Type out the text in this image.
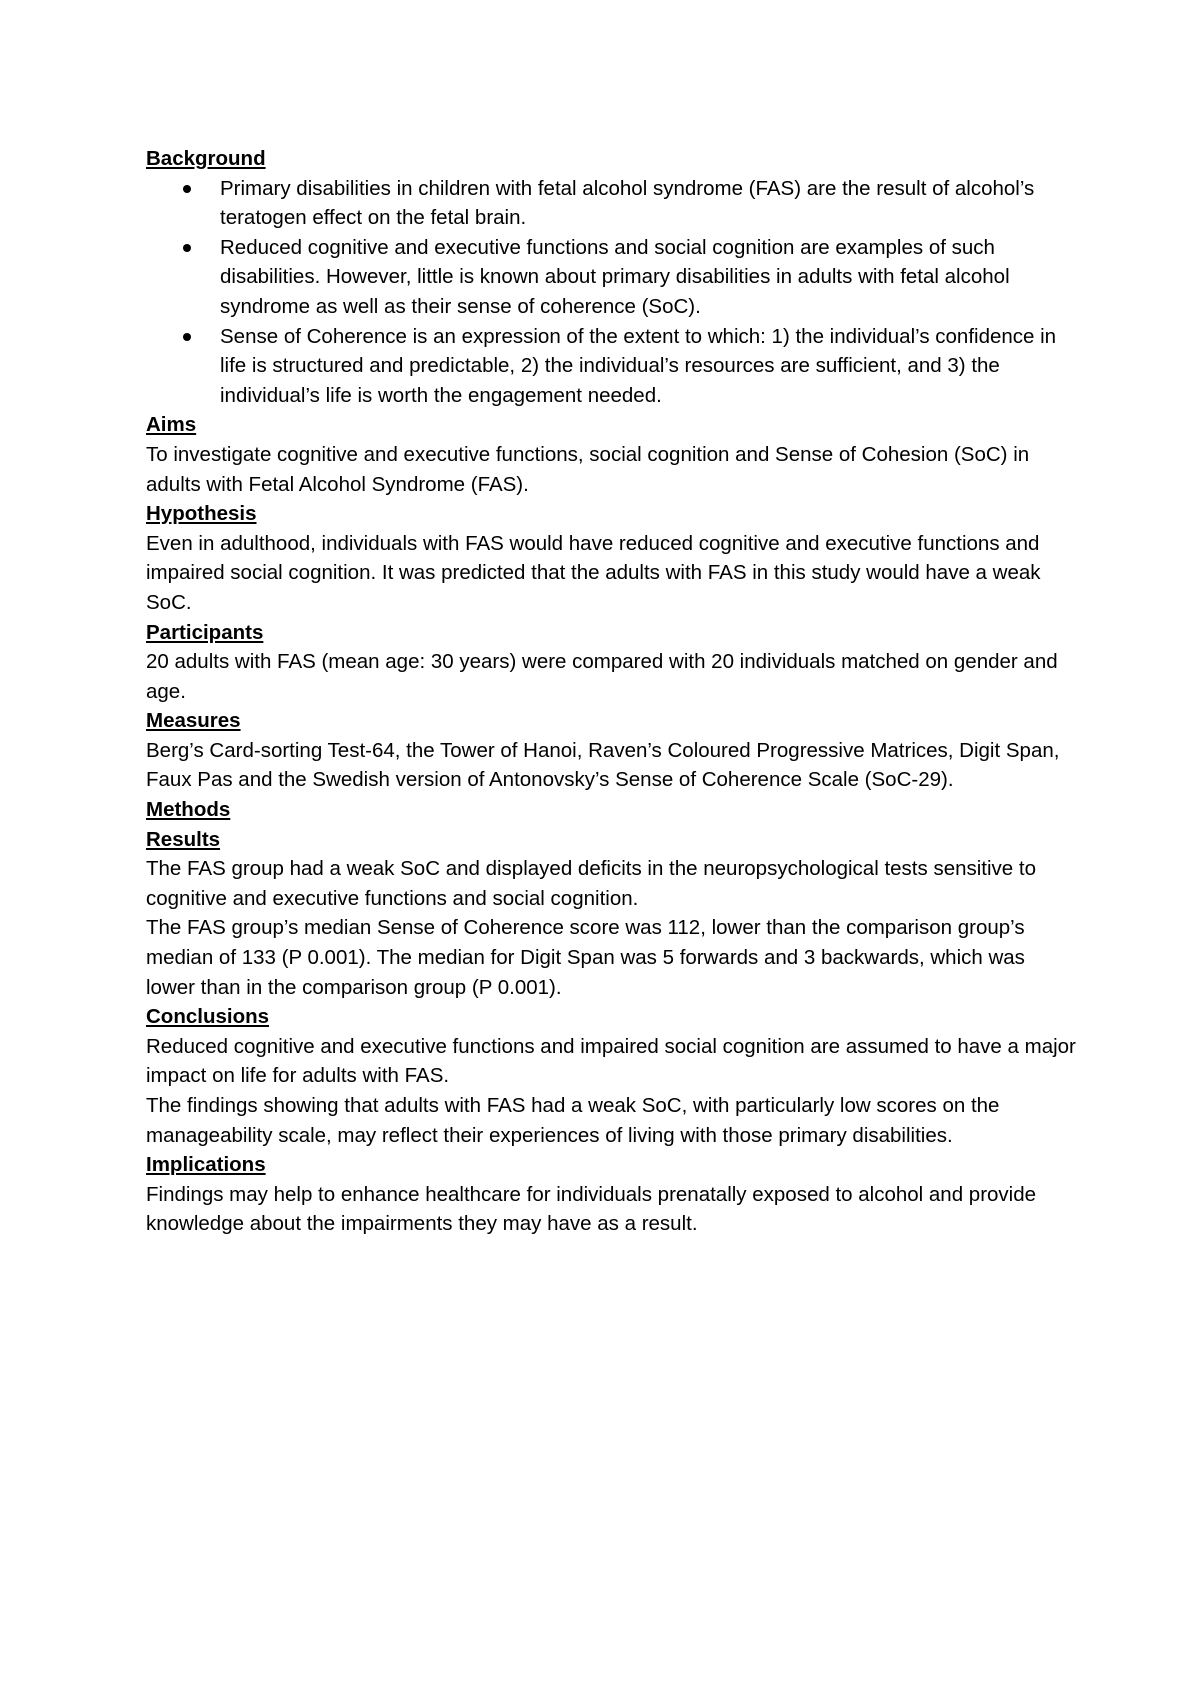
Background
Primary disabilities in children with fetal alcohol syndrome (FAS) are the result of alcohol’s teratogen effect on the fetal brain.
Reduced cognitive and executive functions and social cognition are examples of such disabilities. However, little is known about primary disabilities in adults with fetal alcohol syndrome as well as their sense of coherence (SoC).
Sense of Coherence is an expression of the extent to which: 1) the individual’s confidence in life is structured and predictable, 2) the individual’s resources are sufficient, and 3) the individual’s life is worth the engagement needed.
Aims
To investigate cognitive and executive functions, social cognition and Sense of Cohesion (SoC) in adults with Fetal Alcohol Syndrome (FAS).
Hypothesis
Even in adulthood, individuals with FAS would have reduced cognitive and executive functions and impaired social cognition. It was predicted that the adults with FAS in this study would have a weak SoC.
Participants
20 adults with FAS (mean age: 30 years) were compared with 20 individuals matched on gender and age.
Measures
Berg’s Card-sorting Test-64, the Tower of Hanoi, Raven’s Coloured Progressive Matrices, Digit Span, Faux Pas and the Swedish version of Antonovsky’s Sense of Coherence Scale (SoC-29).
Methods
Results
The FAS group had a weak SoC and displayed deficits in the neuropsychological tests sensitive to cognitive and executive functions and social cognition.
The FAS group’s median Sense of Coherence score was 112, lower than the comparison group’s median of 133 (P 0.001). The median for Digit Span was 5 forwards and 3 backwards, which was lower than in the comparison group (P 0.001).
Conclusions
Reduced cognitive and executive functions and impaired social cognition are assumed to have a major impact on life for adults with FAS.
The findings showing that adults with FAS had a weak SoC, with particularly low scores on the manageability scale, may reflect their experiences of living with those primary disabilities.
Implications
Findings may help to enhance healthcare for individuals prenatally exposed to alcohol and provide knowledge about the impairments they may have as a result.
